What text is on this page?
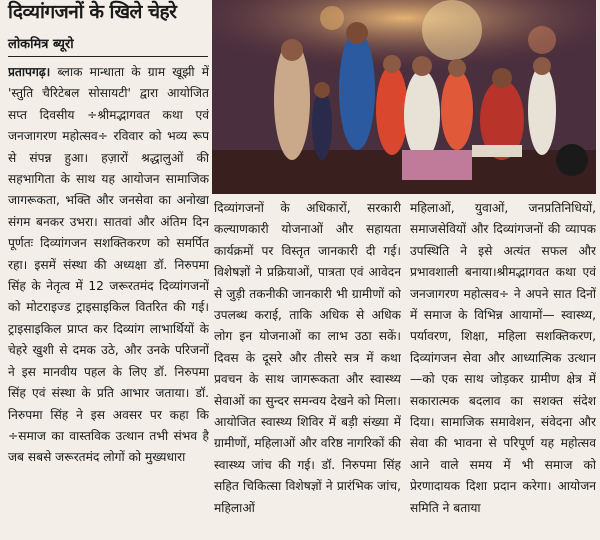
दिव्यांगजनों के खिले चेहरे
लोकमित्र ब्यूरो

प्रतापगढ़। ब्लाक मान्धाता के ग्राम खूझी में 'स्तुति चैरिटेबल सोसायटी' द्वारा आयोजित सप्त दिवसीय ÷श्रीमद्भागवत कथा एवं जनजागरण महोत्सव÷ रविवार को भव्य रूप से संपन्न हुआ। हज़ारों श्रद्धालुओं की सहभागिता के साथ यह आयोजन सामाजिक जागरूकता, भक्ति और जनसेवा का अनोखा संगम बनकर उभरा। सातवां और अंतिम दिन पूर्णतः दिव्यांगजन सशक्तिकरण को समर्पित रहा। इसमें संस्था की अध्यक्षा डॉ. निरुपमा सिंह के नेतृत्व में 12 जरूरतमंद दिव्यांगजनों को मोटराइज्ड ट्राइसाइकिल वितरित की गई। ट्राइसाइकिल प्राप्त कर दिव्यांग लाभार्थियों के चेहरे खुशी से दमक उठे, और उनके परिजनों ने इस मानवीय पहल के लिए डॉ. निरुपमा सिंह एवं संस्था के प्रति आभार जताया। डॉ. निरुपमा सिंह ने इस अवसर पर कहा कि ÷समाज का वास्तविक उत्थान तभी संभव है जब सबसे जरूरतमंद लोगों को मुख्यधारा

दिव्यांगजनों के अधिकारों, सरकारी कल्याणकारी योजनाओं और सहायता कार्यक्रमों पर विस्तृत जानकारी दी गई। विशेषज्ञों ने प्रक्रियाओं, पात्रता एवं आवेदन से जुड़ी तकनीकी जानकारी भी ग्रामीणों को उपलब्ध कराई, ताकि अधिक से अधिक लोग इन योजनाओं का लाभ उठा सकें।दिवस के दूसरे और तीसरे सत्र में कथा प्रवचन के साथ जागरूकता और स्वास्थ्य सेवाओं का सुन्दर समन्वय देखने को मिला। आयोजित स्वास्थ्य शिविर में बड़ी संख्या में ग्रामीणों, महिलाओं और वरिष्ठ नागरिकों की स्वास्थ्य जांच की गई। डॉ. निरुपमा सिंह सहित चिकित्सा विशेषज्ञों ने प्रारंभिक जांच, महिलाओं

महिलाओं, युवाओं, जनप्रतिनिधियों, समाजसेवियों और दिव्यांगजनों की व्यापक उपस्थिति ने इसे अत्यंत सफल और प्रभावशाली बनाया।श्रीमद्भागवत कथा एवं जनजागरण महोत्सव÷ ने अपने सात दिनों में समाज के विभिन्न आयामों— स्वास्थ्य, पर्यावरण, शिक्षा, महिला सशक्तिकरण, दिव्यांगजन सेवा और आध्यात्मिक उत्थान—को एक साथ जोड़कर ग्रामीण क्षेत्र में सकारात्मक बदलाव का सशक्त संदेश दिया। सामाजिक समावेशन, संवेदना और सेवा की भावना से परिपूर्ण यह महोत्सव आने वाले समय में भी समाज को प्रेरणादायक दिशा प्रदान करेगा। आयोजन समिति ने बताया
